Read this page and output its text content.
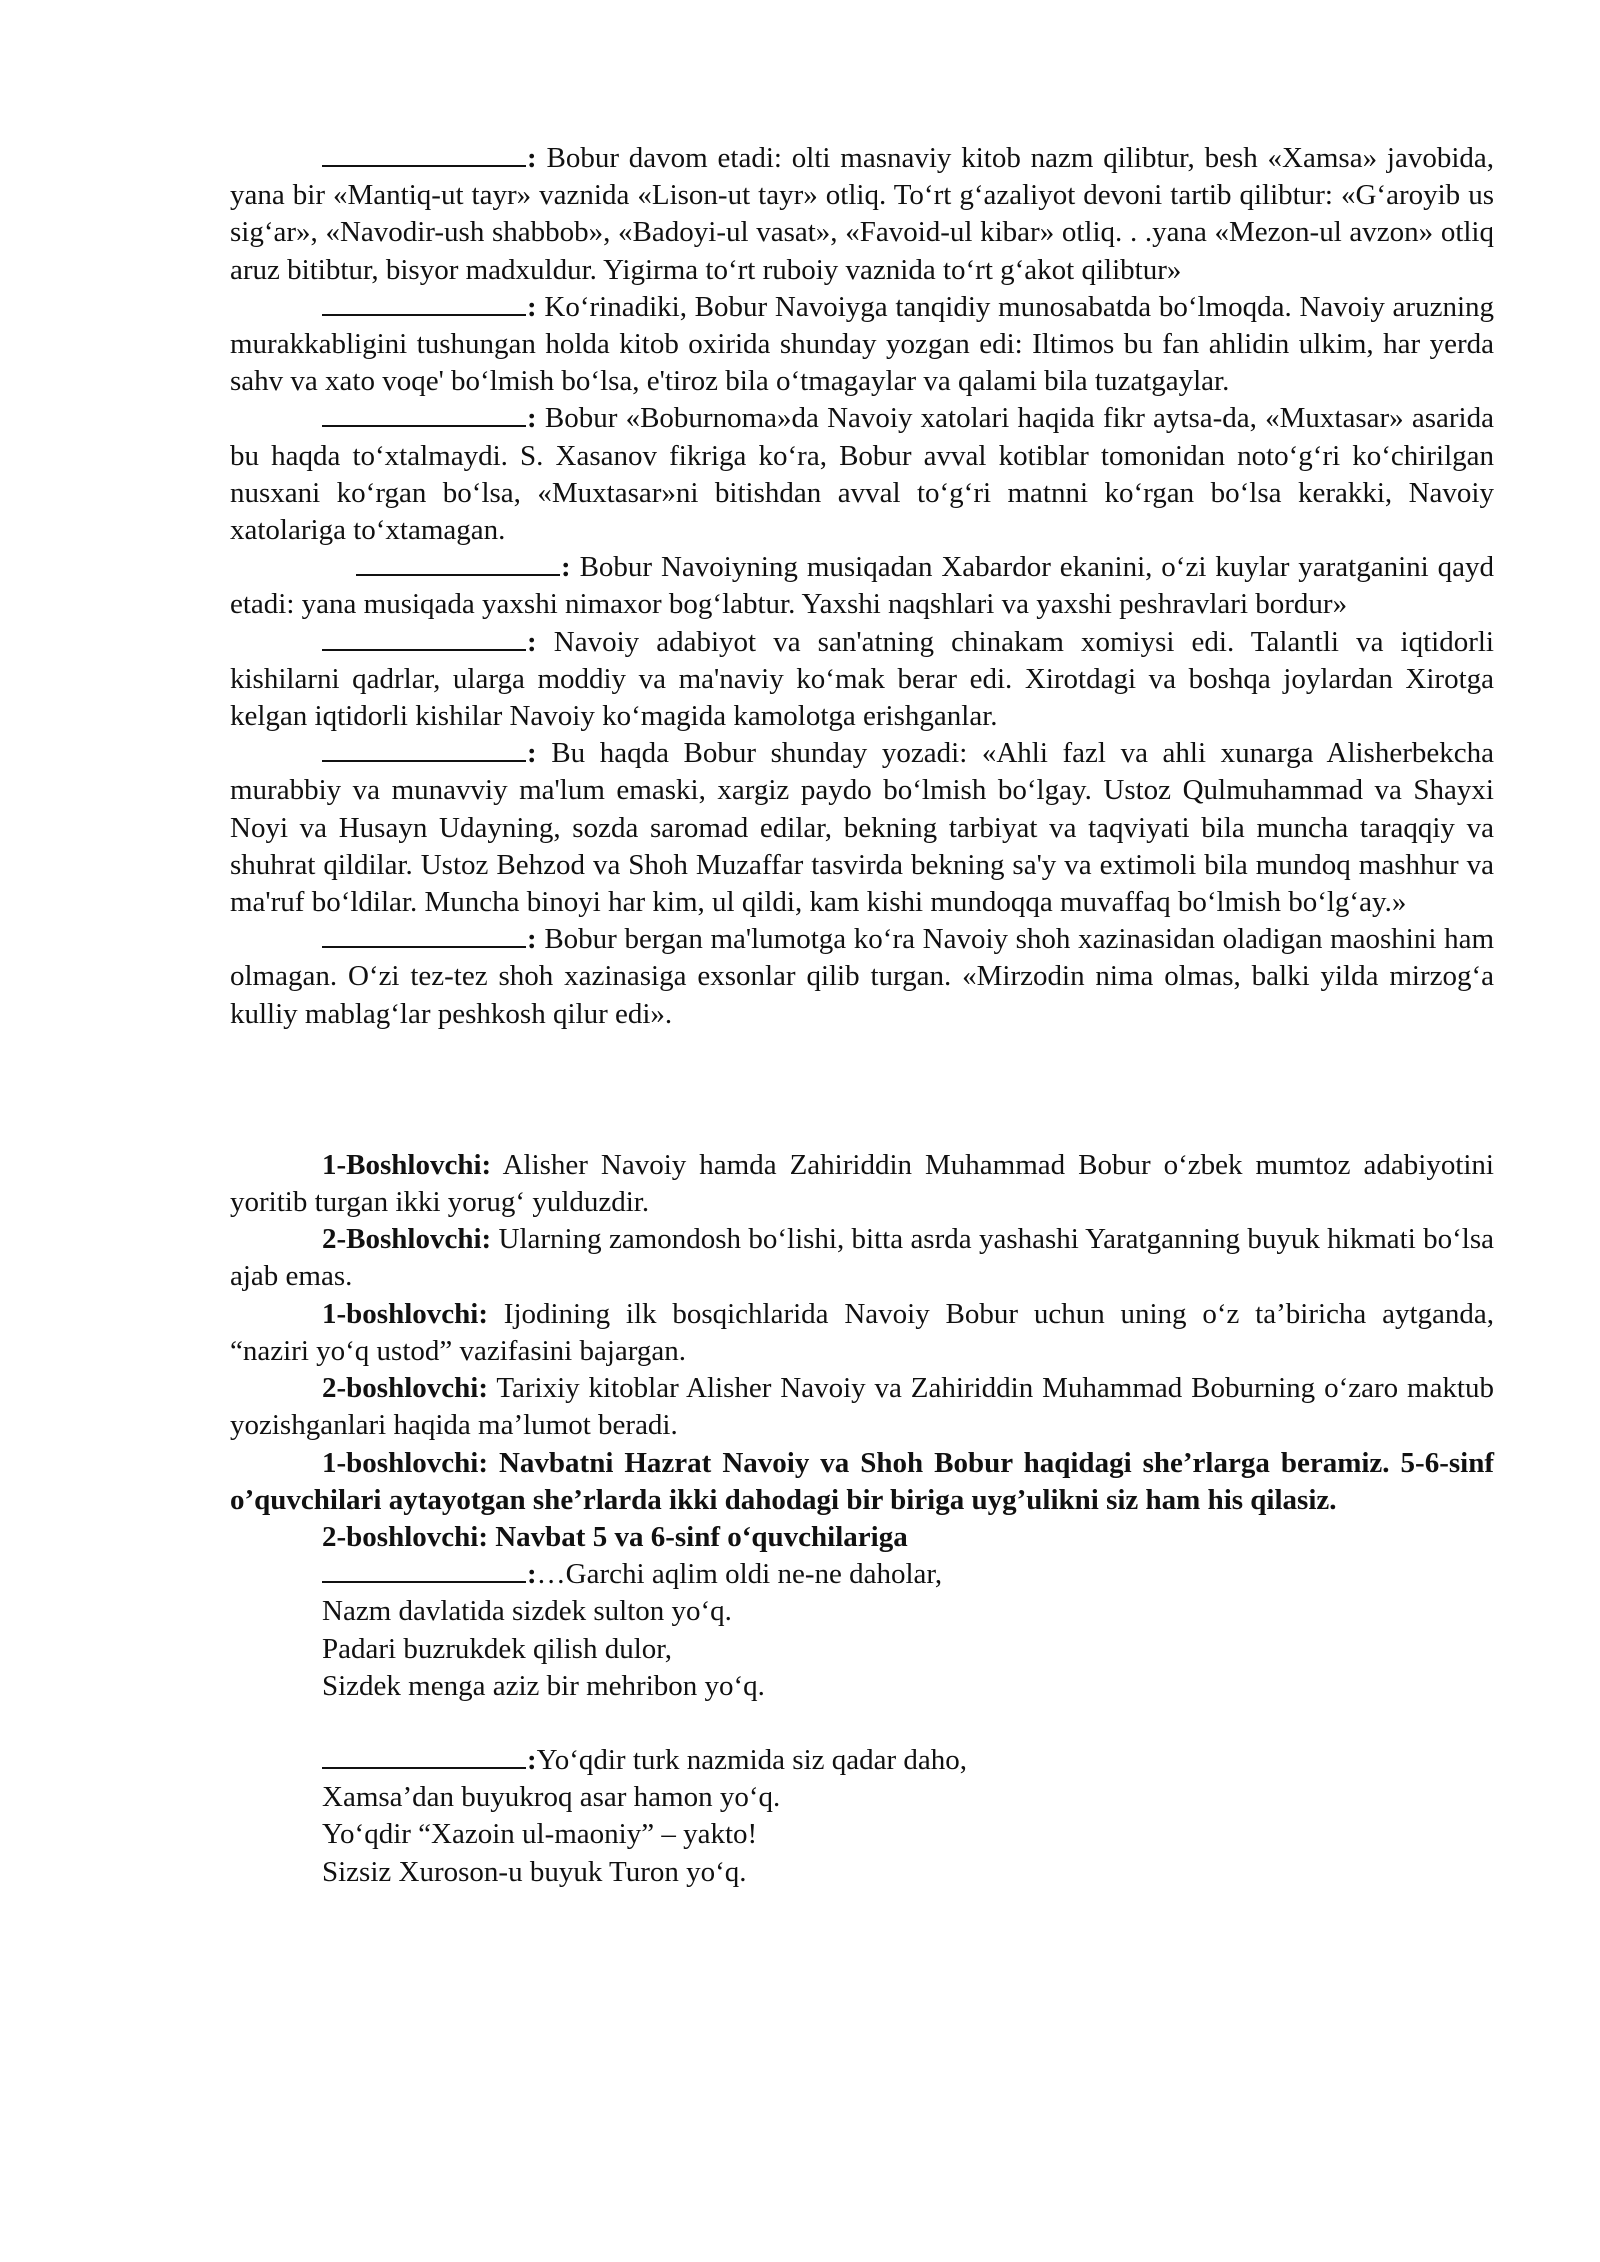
: Bobur davom etadi: olti masnaviy kitob nazm qilibtur, besh «Xamsa» javobida, yana bir «Mantiq-ut tayr» vaznida «Lison-ut tayr» otliq. To‘rt g‘azaliyot devoni tartib qilibtur: «G‘aroyib us sig‘ar», «Navodir-ush shabbob», «Badoyi-ul vasat», «Favoid-ul kibar» otliq. . .yana «Mezon-ul avzon» otliq aruz bitibtur, bisyor madxuldur. Yigirma to‘rt ruboiy vaznida to‘rt g‘akot qilibtur»

: Ko‘rinadiki, Bobur Navoiyga tanqidiy munosabatda bo‘lmoqda. Navoiy aruzning murakkabligini tushungan holda kitob oxirida shunday yozgan edi: Iltimos bu fan ahlidin ulkim, har yerda sahv va xato voqe' bo‘lmish bo‘lsa, e'tiroz bila o‘tmagaylar va qalami bila tuzatgaylar.

: Bobur «Boburnoma»da Navoiy xatolari haqida fikr aytsa-da, «Muxtasar» asarida bu haqda to‘xtalmaydi. S. Xasanov fikriga ko‘ra, Bobur avval kotiblar tomonidan noto‘g‘ri ko‘chirilgan nusxani ko‘rgan bo‘lsa, «Muxtasar»ni bitishdan avval to‘g‘ri matnni ko‘rgan bo‘lsa kerakki, Navoiy xatolariga to‘xtamagan.

: Bobur Navoiyning musiqadan Xabardor ekanini, o‘zi kuylar yaratganini qayd etadi: yana musiqada yaxshi nimaxor bog‘labtur. Yaxshi naqshlari va yaxshi peshravlari bordur»

: Navoiy adabiyot va san'atning chinakam xomiysi edi. Talantli va iqtidorli kishilarni qadrlar, ularga moddiy va ma'naviy ko‘mak berar edi. Xirotdagi va boshqa joylardan Xirotga kelgan iqtidorli kishilar Navoiy ko‘magida kamolotga erishganlar.

: Bu haqda Bobur shunday yozadi: «Ahli fazl va ahli xunarga Alisherbekcha murabbiy va munavviy ma'lum emaski, xargiz paydo bo‘lmish bo‘lgay. Ustoz Qulmuhammad va Shayxi Noyi va Husayn Udayning, sozda saromad edilar, bekning tarbiyat va taqviyati bila muncha taraqqiy va shuhrat qildilar. Ustoz Behzod va Shoh Muzaffar tasvirda bekning sa'y va extimoli bila mundoq mashhur va ma'ruf bo‘ldilar. Muncha binoyi har kim, ul qildi, kam kishi mundoqqa muvaffaq bo‘lmish bo‘lg‘ay.»

: Bobur bergan ma'lumotga ko‘ra Navoiy shoh xazinasidan oladigan maoshini ham olmagan. O‘zi tez-tez shoh xazinasiga exsonlar qilib turgan. «Mirzodin nima olmas, balki yilda mirzog‘a kulliy mablag‘lar peshkosh qilur edi».

1-Boshlovchi: Alisher Navoiy hamda Zahiriddin Muhammad Bobur o‘zbek mumtoz adabiyotini yoritib turgan ikki yorug‘ yulduzdir.

2-Boshlovchi: Ularning zamondosh bo‘lishi, bitta asrda yashashi Yaratganning buyuk hikmati bo‘lsa ajab emas.

1-boshlovchi: Ijodining ilk bosqichlarida Navoiy Bobur uchun uning o‘z ta’biricha aytganda, “naziri yo‘q ustod” vazifasini bajargan.

2-boshlovchi: Tarixiy kitoblar Alisher Navoiy va Zahiriddin Muhammad Boburning o‘zaro maktub yozishganlari haqida ma’lumot beradi.

1-boshlovchi: Navbatni Hazrat Navoiy va Shoh Bobur haqidagi she’rlarga beramiz. 5-6-sinf o’quvchilari aytayotgan she’rlarda ikki dahodagi bir biriga uyg’ulikni siz ham his qilasiz.

2-boshlovchi: Navbat 5 va 6-sinf o‘quvchilariga

:…Garchi aqlim oldi ne-ne daholar,

Nazm davlatida sizdek sulton yo‘q.

Padari buzrukdek qilish dulor,

Sizdek menga aziz bir mehribon yo‘q.

:Yo‘qdir turk nazmida siz qadar daho,

Xamsa’dan buyukroq asar hamon yo‘q.

Yo‘qdir “Xazoin ul-maoniy” – yakto!

Sizsiz Xuroson-u buyuk Turon yo‘q.
